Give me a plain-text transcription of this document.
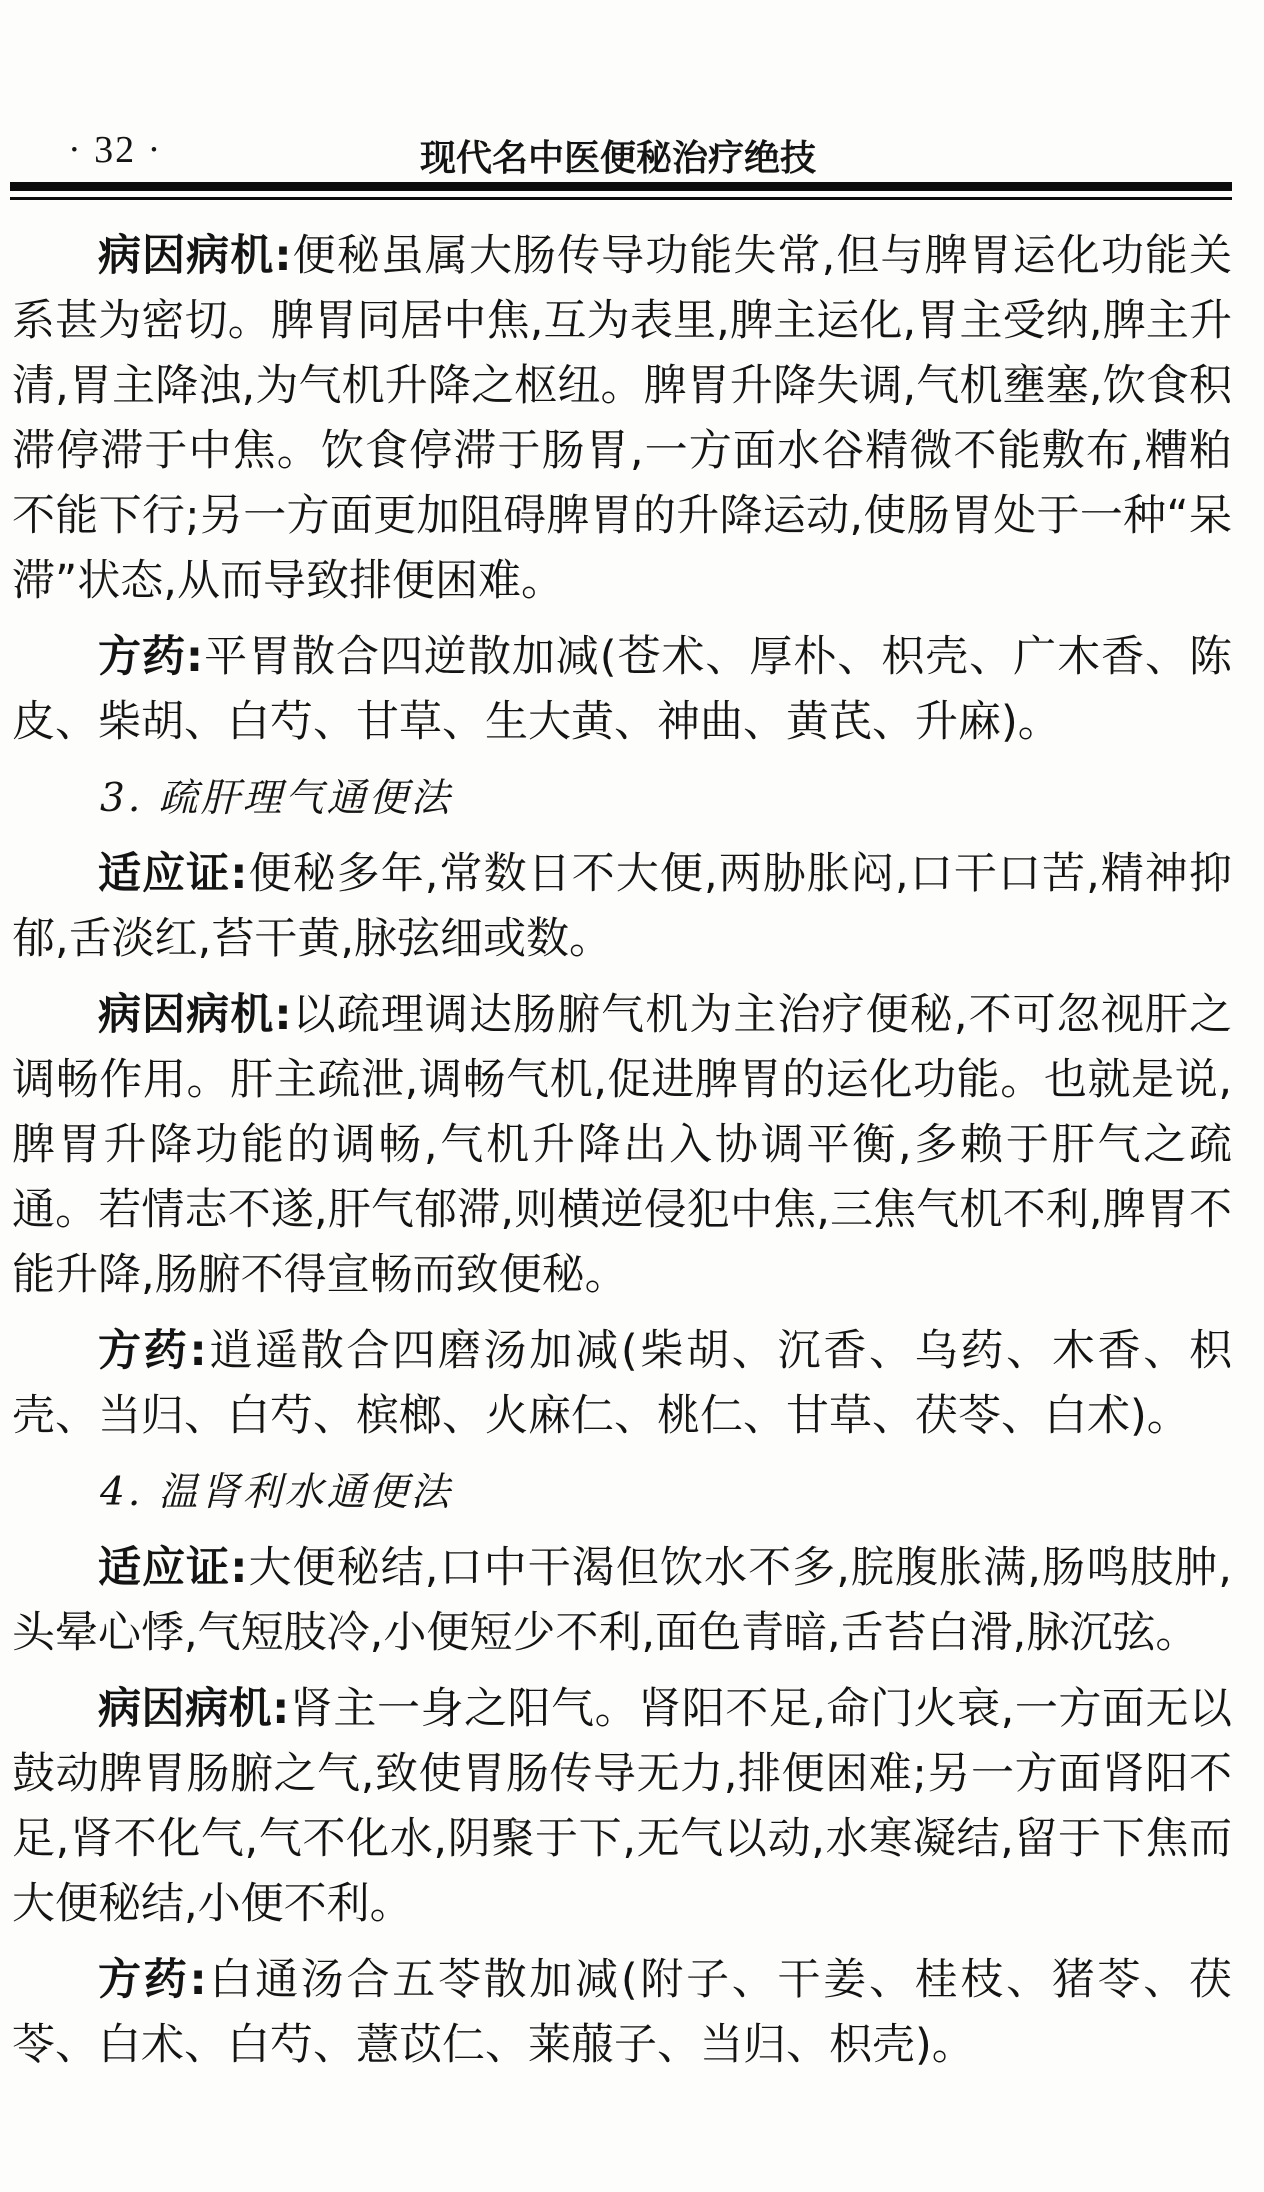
· 32 ·	现代名中医便秘治疗绝技

病因病机:便秘虽属大肠传导功能失常,但与脾胃运化功能关系甚为密切。脾胃同居中焦,互为表里,脾主运化,胃主受纳,脾主升清,胃主降浊,为气机升降之枢纽。脾胃升降失调,气机壅塞,饮食积滞停滞于中焦。饮食停滞于肠胃,一方面水谷精微不能敷布,糟粕不能下行;另一方面更加阻碍脾胃的升降运动,使肠胃处于一种“呆滞”状态,从而导致排便困难。

方药:平胃散合四逆散加减(苍术、厚朴、枳壳、广木香、陈皮、柴胡、白芍、甘草、生大黄、神曲、黄芪、升麻)。

3. 疏肝理气通便法

适应证:便秘多年,常数日不大便,两胁胀闷,口干口苦,精神抑郁,舌淡红,苔干黄,脉弦细或数。

病因病机:以疏理调达肠腑气机为主治疗便秘,不可忽视肝之调畅作用。肝主疏泄,调畅气机,促进脾胃的运化功能。也就是说,脾胃升降功能的调畅,气机升降出入协调平衡,多赖于肝气之疏通。若情志不遂,肝气郁滞,则横逆侵犯中焦,三焦气机不利,脾胃不能升降,肠腑不得宣畅而致便秘。

方药:逍遥散合四磨汤加减(柴胡、沉香、乌药、木香、枳壳、当归、白芍、槟榔、火麻仁、桃仁、甘草、茯苓、白术)。

4. 温肾利水通便法

适应证:大便秘结,口中干渴但饮水不多,脘腹胀满,肠鸣肢肿,头晕心悸,气短肢冷,小便短少不利,面色青暗,舌苔白滑,脉沉弦。

病因病机:肾主一身之阳气。肾阳不足,命门火衰,一方面无以鼓动脾胃肠腑之气,致使胃肠传导无力,排便困难;另一方面肾阳不足,肾不化气,气不化水,阴聚于下,无气以动,水寒凝结,留于下焦而大便秘结,小便不利。

方药:白通汤合五苓散加减(附子、干姜、桂枝、猪苓、茯苓、白术、白芍、薏苡仁、莱菔子、当归、枳壳)。
